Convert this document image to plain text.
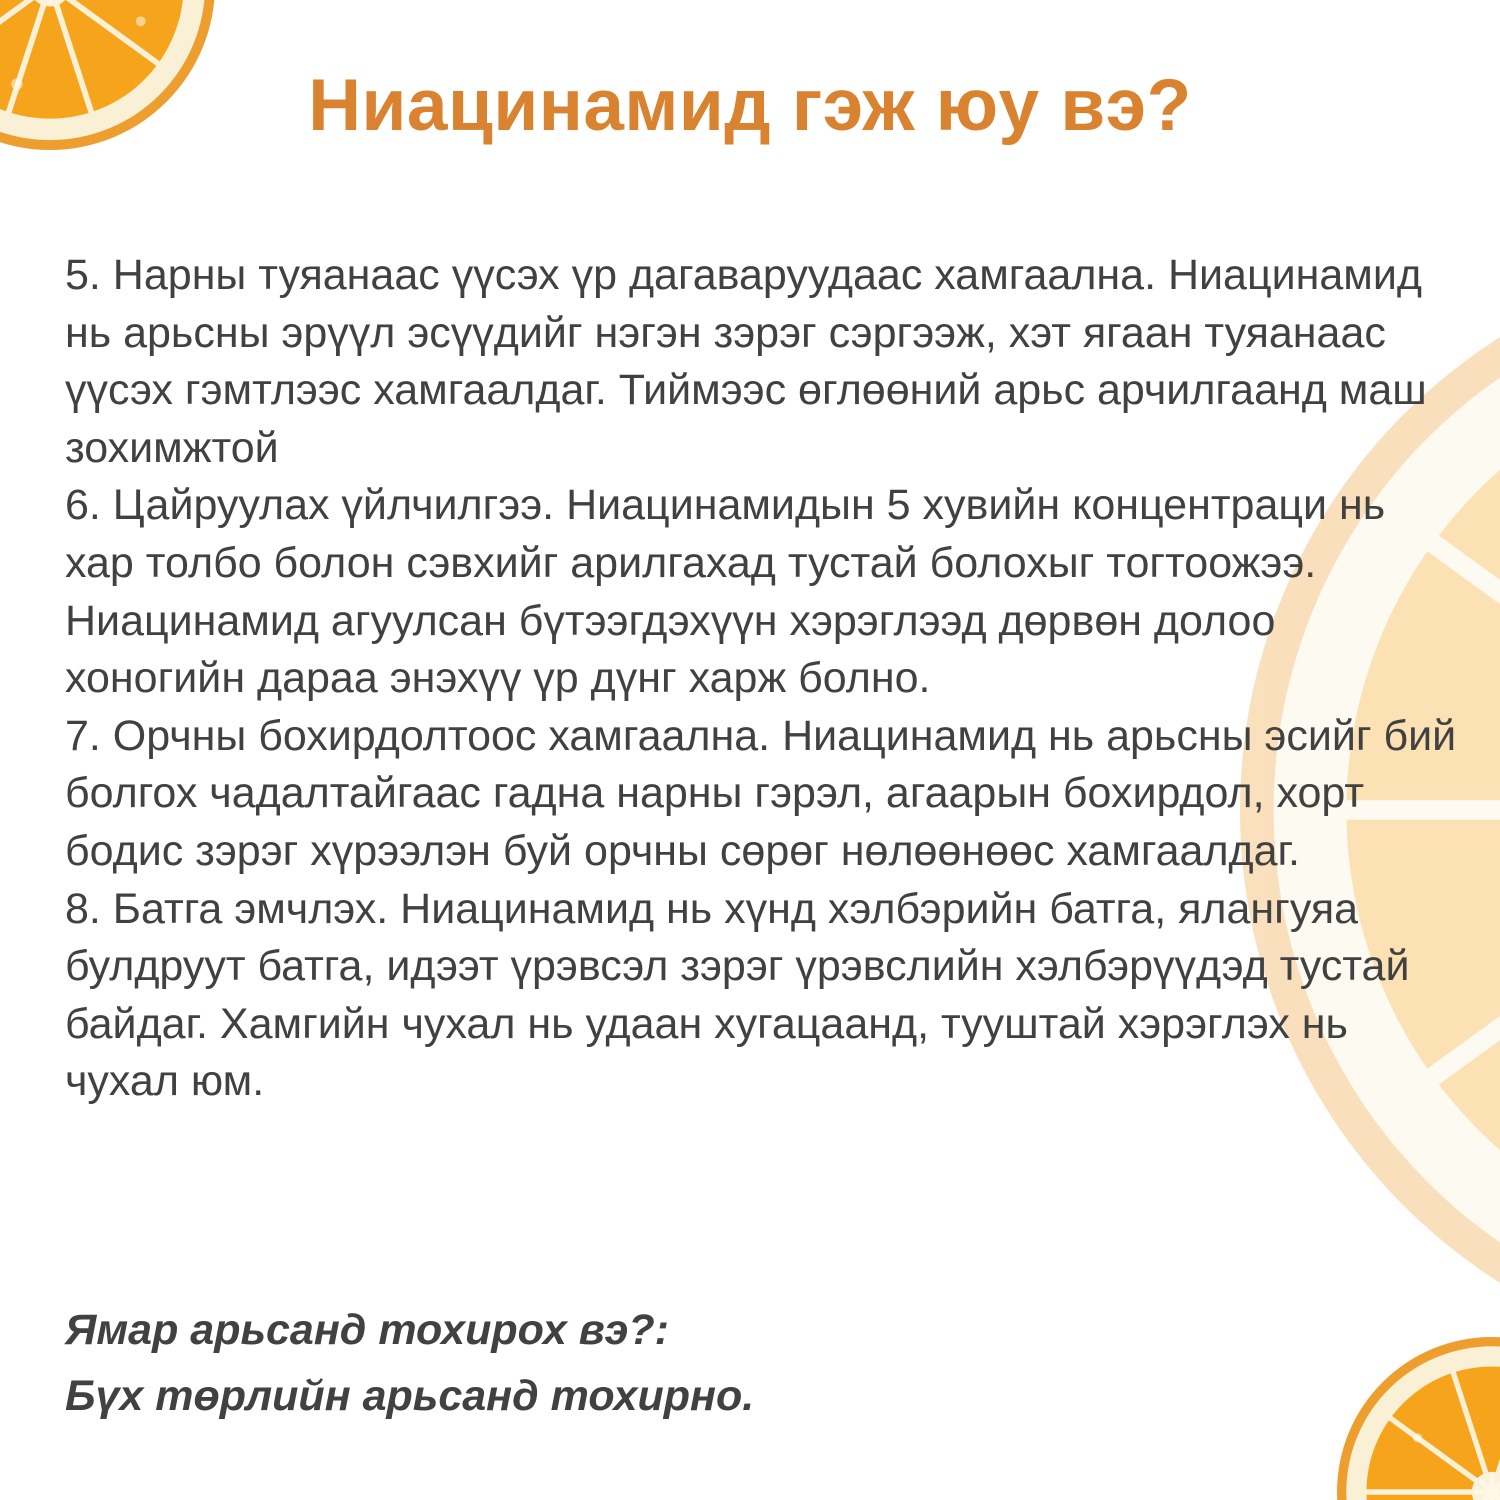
Ниацинамид гэж юу вэ?

5. Нарны туяанаас үүсэх үр дагаваруудаас хамгаална. Ниацинамид нь арьсны эрүүл эсүүдийг нэгэн зэрэг сэргээж, хэт ягаан туяанаас үүсэх гэмтлээс хамгаалдаг. Тиймээс өглөөний арьс арчилгаанд маш зохимжтой

6. Цайруулах үйлчилгээ. Ниацинамидын 5 хувийн концентраци нь хар толбо болон сэвхийг арилгахад тустай болохыг тогтоожээ. Ниацинамид агуулсан бүтээгдэхүүн хэрэглээд дөрвөн долоо хоногийн дараа энэхүү үр дүнг харж болно.

7. Орчны бохирдолтоос хамгаална. Ниацинамид нь арьсны эсийг бий болгох чадалтайгаас гадна нарны гэрэл, агаарын бохирдол, хорт бодис зэрэг хүрээлэн буй орчны сөрөг нөлөөнөөс хамгаалдаг.

8. Батга эмчлэх. Ниацинамид нь хүнд хэлбэрийн батга, ялангуяа булдруут батга, идээт үрэвсэл зэрэг үрэвслийн хэлбэрүүдэд тустай байдаг. Хамгийн чухал нь удаан хугацаанд, тууштай хэрэглэх нь чухал юм.

Ямар арьсанд тохирох вэ?:

Бүх төрлийн арьсанд тохирно.
